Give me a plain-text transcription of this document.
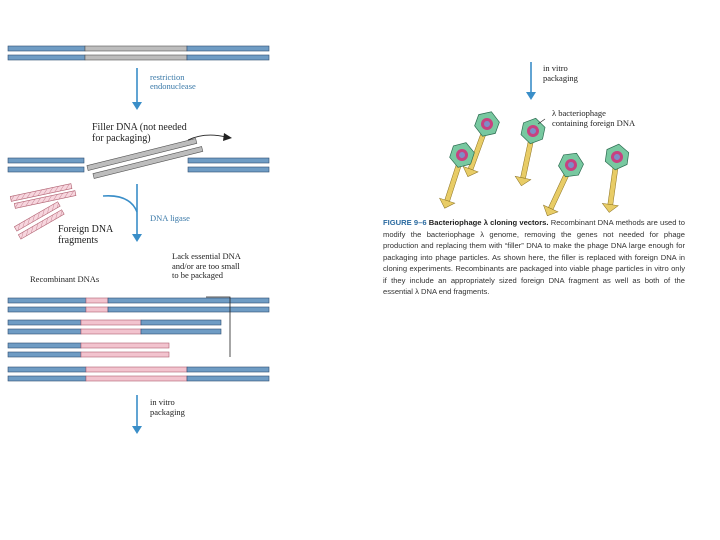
restriction
endonuclease
Filler DNA (not needed
for packaging)
DNA ligase
Foreign DNA
fragments
Lack essential DNA
and/or are too small
to be packaged
Recombinant DNAs
in vitro
packaging
in vitro
packaging
λ bacteriophage
containing foreign DNA
FIGURE 9–6 Bacteriophage λ cloning vectors. Recombinant DNA methods are used to modify the bacteriophage λ genome, removing the genes not needed for phage production and replacing them with “filler” DNA to make the phage DNA large enough for packaging into phage particles. As shown here, the filler is replaced with foreign DNA in cloning experiments. Recombinants are packaged into viable phage particles in vitro only if they include an appropriately sized foreign DNA fragment as well as both of the essential λ DNA end fragments.
